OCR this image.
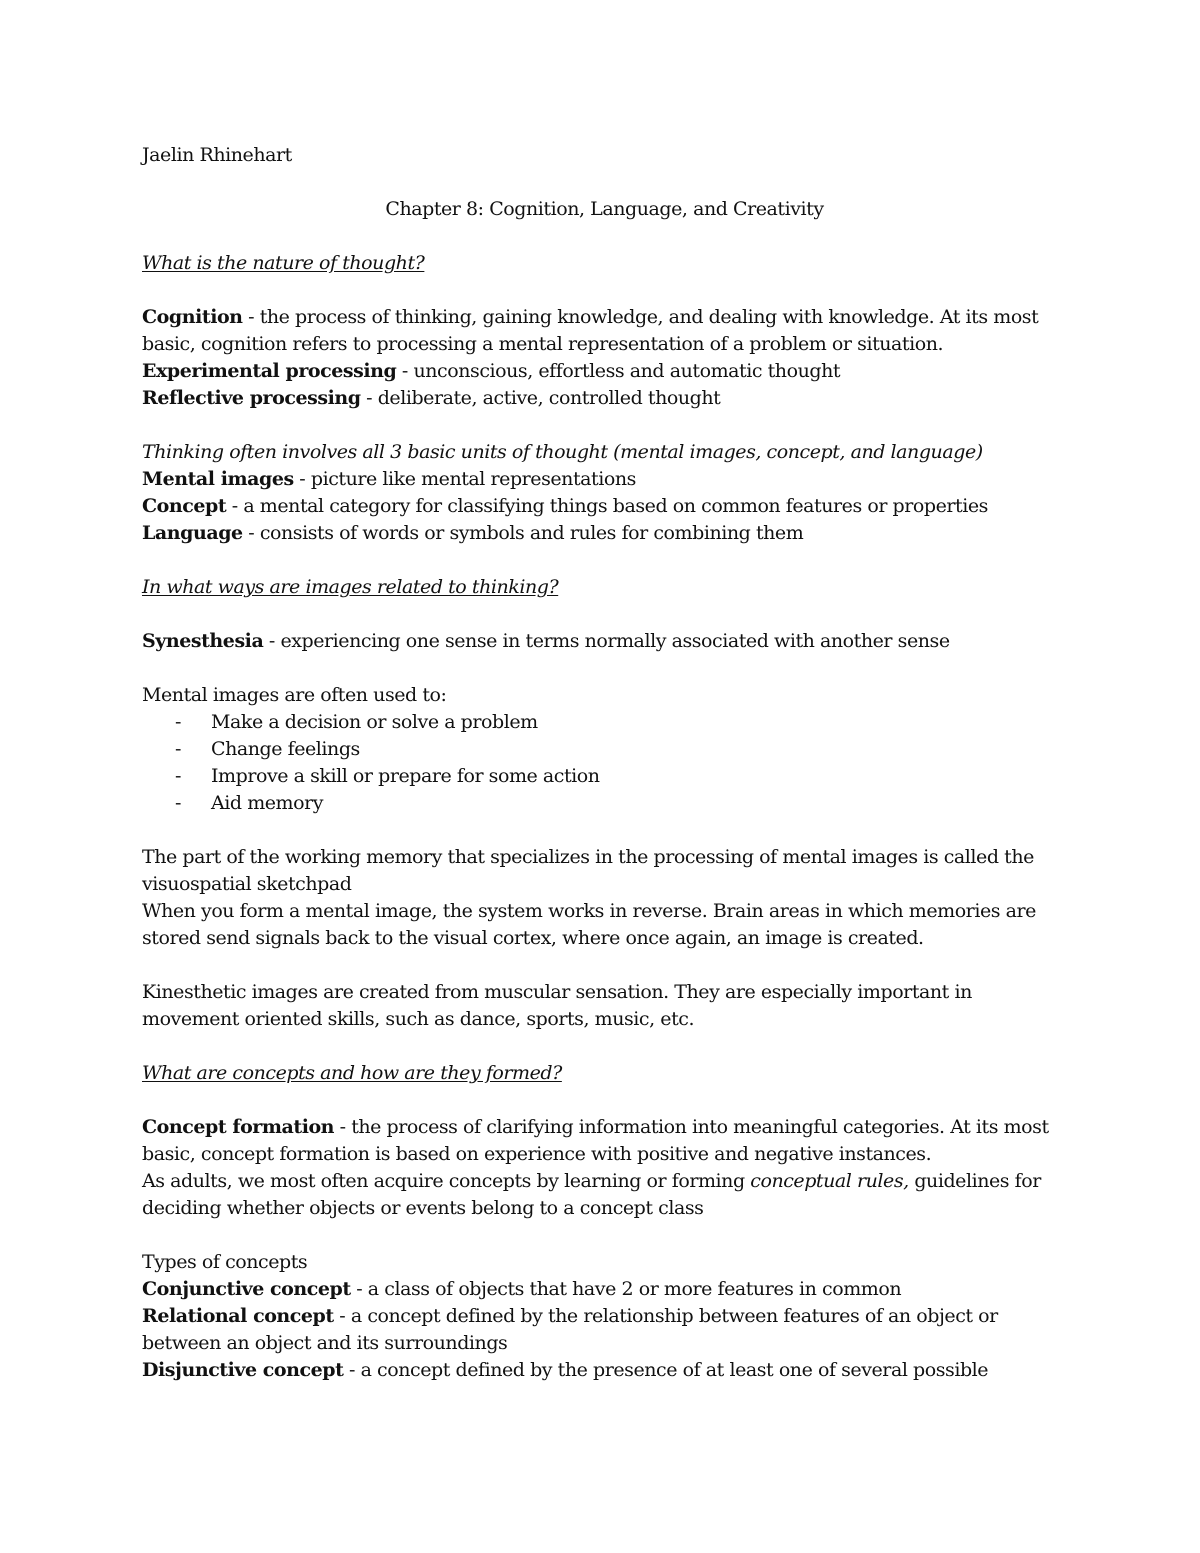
Jaelin Rhinehart

Chapter 8: Cognition, Language, and Creativity

What is the nature of thought?

Cognition - the process of thinking, gaining knowledge, and dealing with knowledge. At its most basic, cognition refers to processing a mental representation of a problem or situation.

Experimental processing - unconscious, effortless and automatic thought

Reflective processing - deliberate, active, controlled thought

Thinking often involves all 3 basic units of thought (mental images, concept, and language)

Mental images - picture like mental representations

Concept - a mental category for classifying things based on common features or properties

Language - consists of words or symbols and rules for combining them

In what ways are images related to thinking?

Synesthesia - experiencing one sense in terms normally associated with another sense

Mental images are often used to:

- Make a decision or solve a problem
- Change feelings
- Improve a skill or prepare for some action
- Aid memory

The part of the working memory that specializes in the processing of mental images is called the visuospatial sketchpad

When you form a mental image, the system works in reverse. Brain areas in which memories are stored send signals back to the visual cortex, where once again, an image is created.

Kinesthetic images are created from muscular sensation. They are especially important in movement oriented skills, such as dance, sports, music, etc.

What are concepts and how are they formed?

Concept formation - the process of clarifying information into meaningful categories. At its most basic, concept formation is based on experience with positive and negative instances.

As adults, we most often acquire concepts by learning or forming conceptual rules, guidelines for deciding whether objects or events belong to a concept class

Types of concepts

Conjunctive concept - a class of objects that have 2 or more features in common

Relational concept - a concept defined by the relationship between features of an object or between an object and its surroundings

Disjunctive concept - a concept defined by the presence of at least one of several possible
